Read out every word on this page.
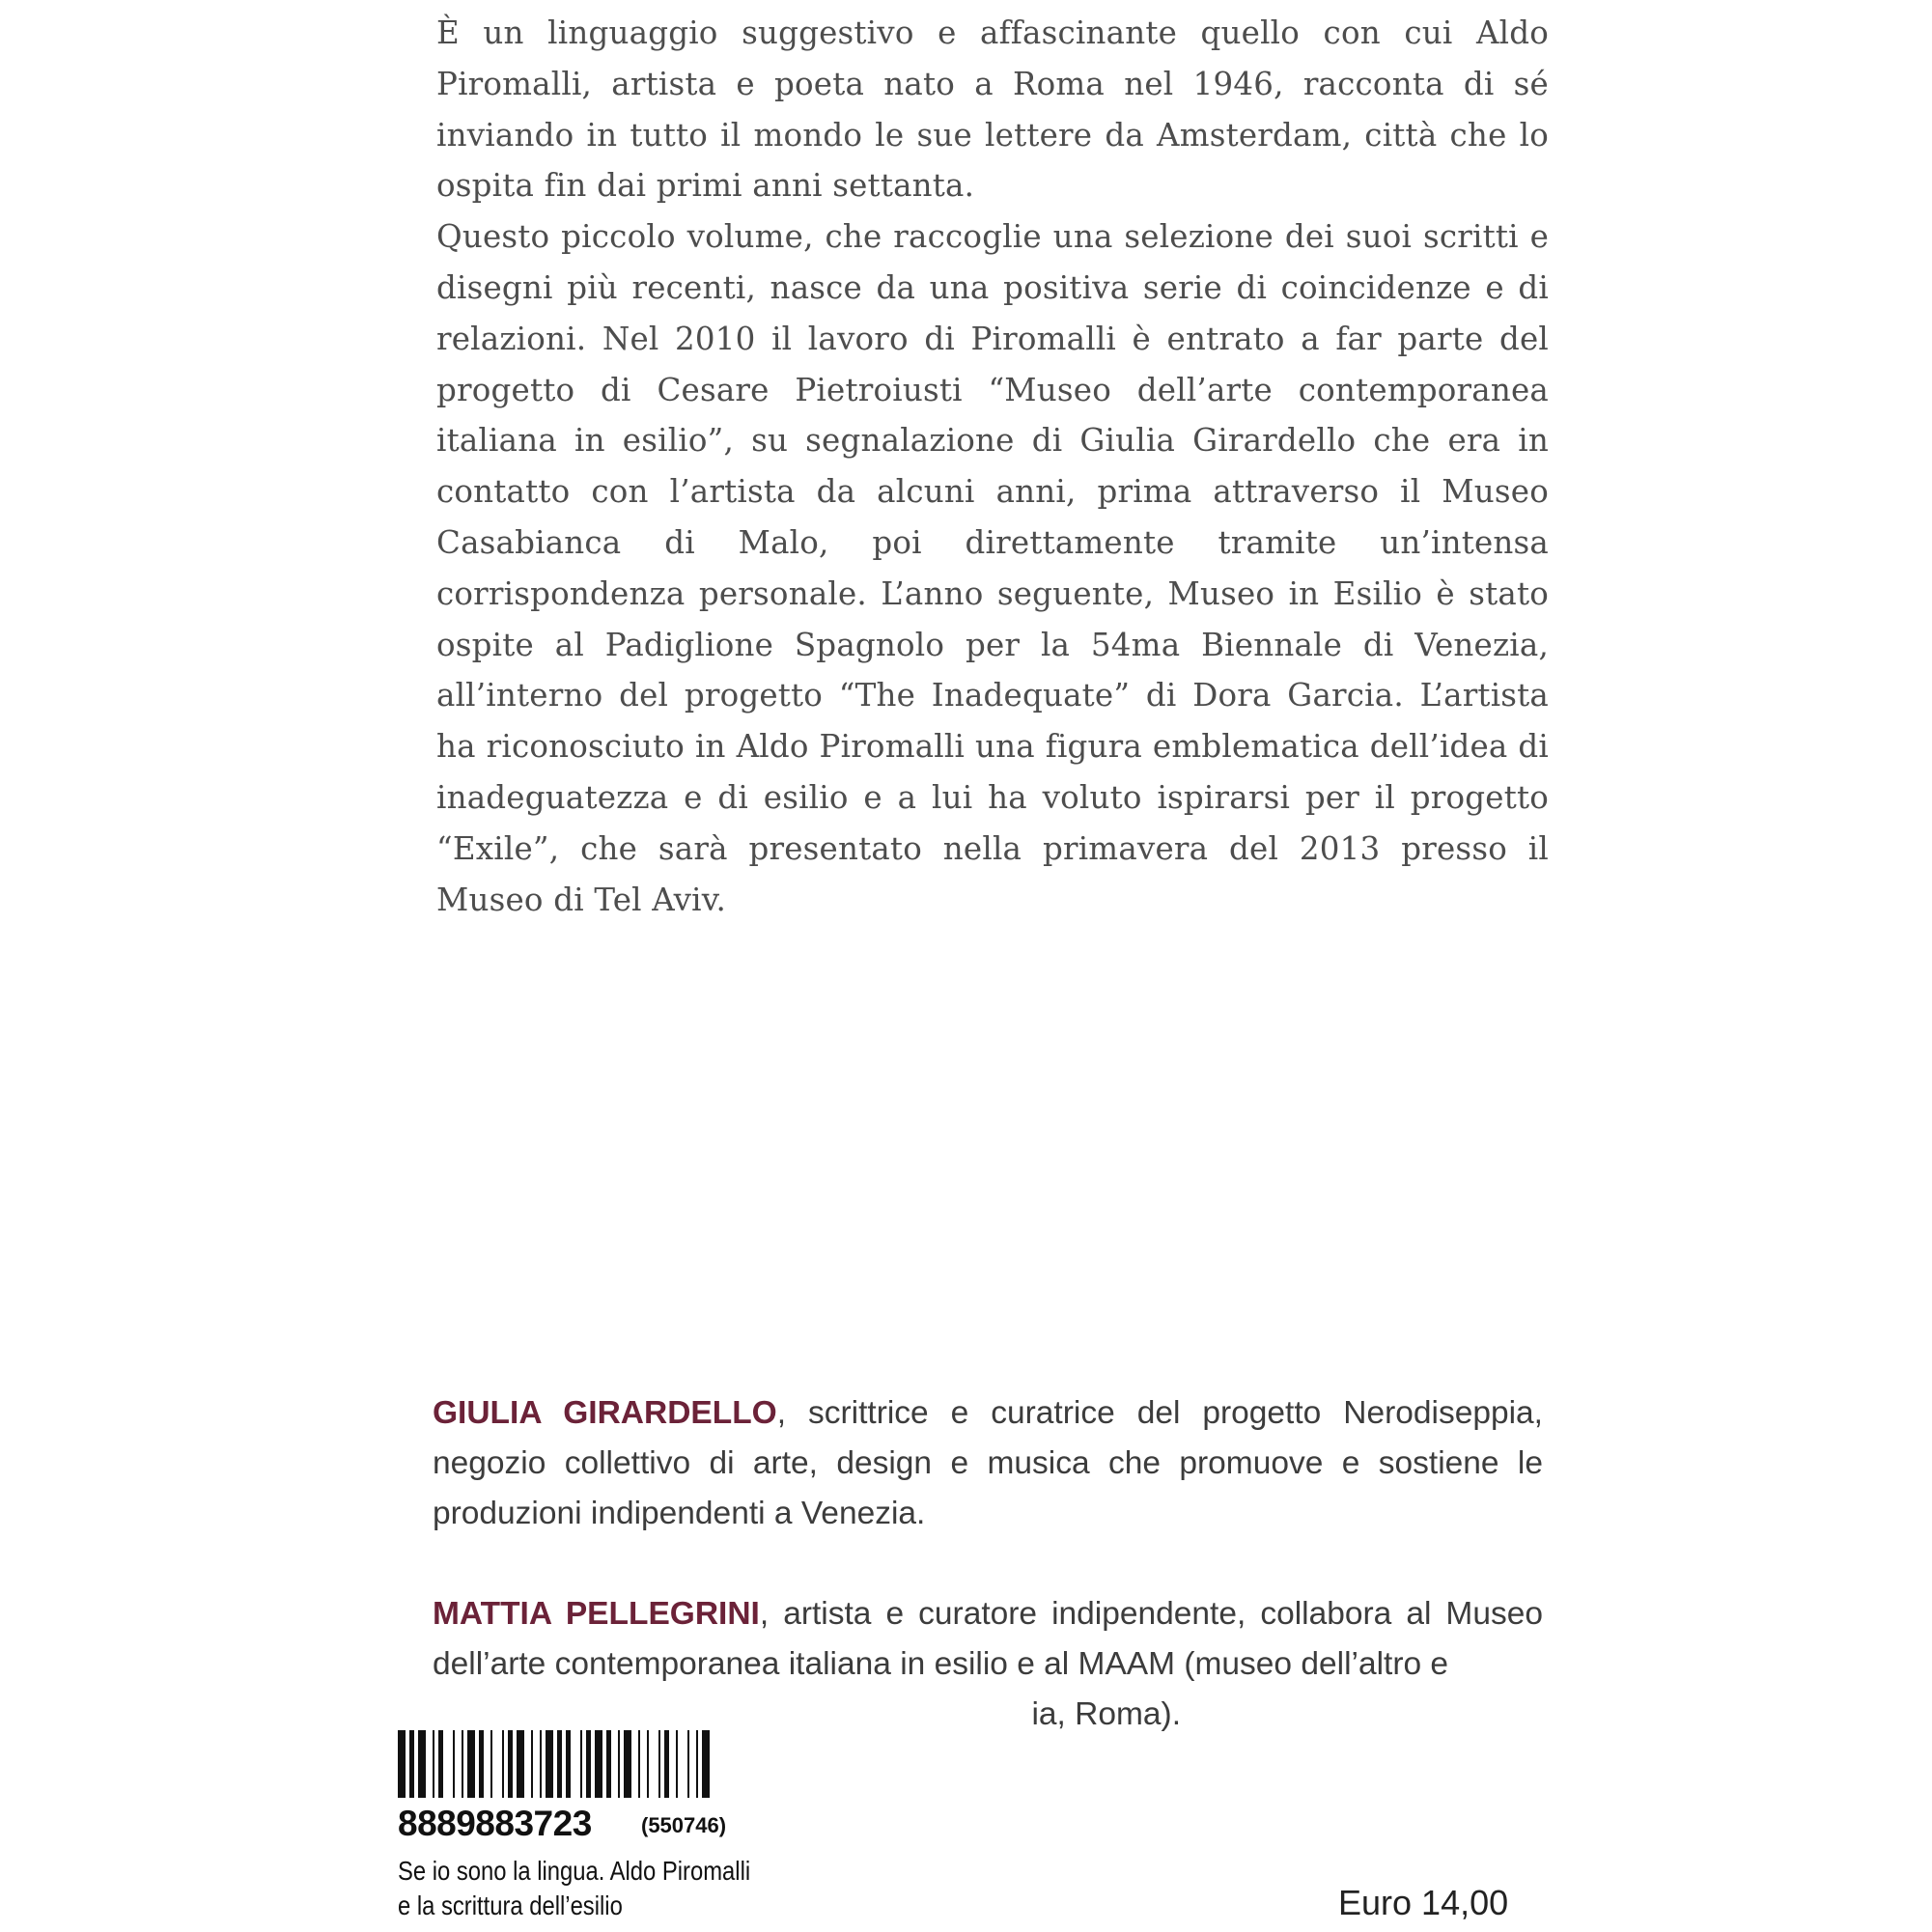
È un linguaggio suggestivo e affascinante quello con cui Aldo Piromalli, artista e poeta nato a Roma nel 1946, racconta di sé inviando in tutto il mondo le sue lettere da Amsterdam, città che lo ospita fin dai primi anni settanta.

Questo piccolo volume, che raccoglie una selezione dei suoi scritti e disegni più recenti, nasce da una positiva serie di coincidenze e di relazioni. Nel 2010 il lavoro di Piromalli è entrato a far parte del progetto di Cesare Pietroiusti “Museo dell’arte contemporanea italiana in esilio”, su segnalazione di Giulia Girardello che era in contatto con l’artista da alcuni anni, prima attraverso il Museo Casabianca di Malo, poi direttamente tramite un’intensa corrispondenza personale. L’anno seguente, Museo in Esilio è stato ospite al Padiglione Spagnolo per la 54ma Biennale di Venezia, all’interno del progetto “The Inadequate” di Dora Garcia. L’artista ha riconosciuto in Aldo Piromalli una figura emblematica dell’idea di inadeguatezza e di esilio e a lui ha voluto ispirarsi per il progetto “Exile”, che sarà presentato nella primavera del 2013 presso il Museo di Tel Aviv.

GIULIA GIRARDELLO, scrittrice e curatrice del progetto Nerodiseppia, negozio collettivo di arte, design e musica che promuove e sostiene le produzioni indipendenti a Venezia.

MATTIA PELLEGRINI, artista e curatore indipendente, collabora al Museo dell’arte contemporanea italiana in esilio e al MAAM (museo dell’altro e
ia, Roma).

8889883723 (550746)
Se io sono la lingua. Aldo Piromalli
e la scrittura dell’esilio	Euro 14,00
